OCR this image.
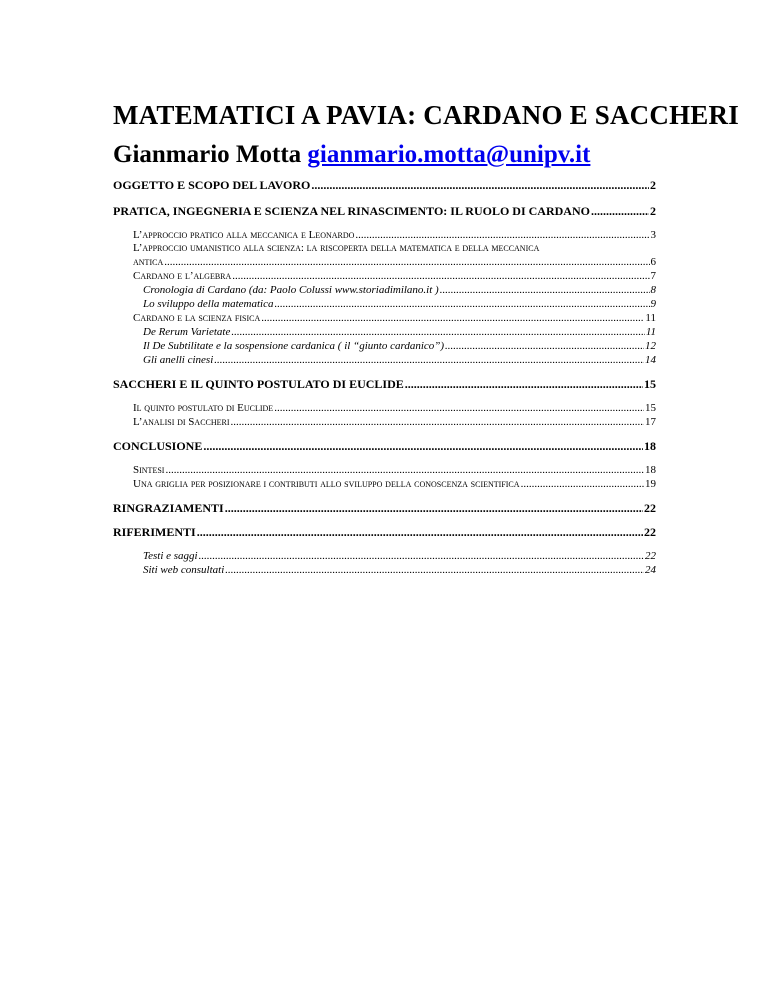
MATEMATICI A PAVIA: CARDANO E SACCHERI

Gianmario Motta gianmario.motta@unipv.it

OGGETTO E SCOPO DEL LAVORO .....	2
PRATICA, INGEGNERIA E SCIENZA NEL RINASCIMENTO: IL RUOLO DI CARDANO .....	2
L’approccio pratico alla meccanica e Leonardo .....	3
L’approccio umanistico alla scienza: la riscoperta della matematica e della meccanica
antica .....	6
Cardano e l’algebra .....	7
Cronologia di Cardano (da: Paolo Colussi www.storiadimilano.it ) .....	8
Lo sviluppo della matematica .....	9
Cardano e la scienza fisica .....	11
De Rerum Varietate .....	11
Il De Subtilitate e la sospensione cardanica ( il “giunto cardanico”) .....	12
Gli anelli cinesi .....	14
SACCHERI E IL QUINTO POSTULATO DI EUCLIDE .....	15
Il quinto postulato di Euclide .....	15
L’analisi di Saccheri .....	17
CONCLUSIONE .....	18
Sintesi .....	18
Una griglia per posizionare i contributi allo sviluppo della conoscenza scientifica .....	19
RINGRAZIAMENTI .....	22
RIFERIMENTI .....	22
Testi e saggi .....	22
Siti web consultati .....	24
